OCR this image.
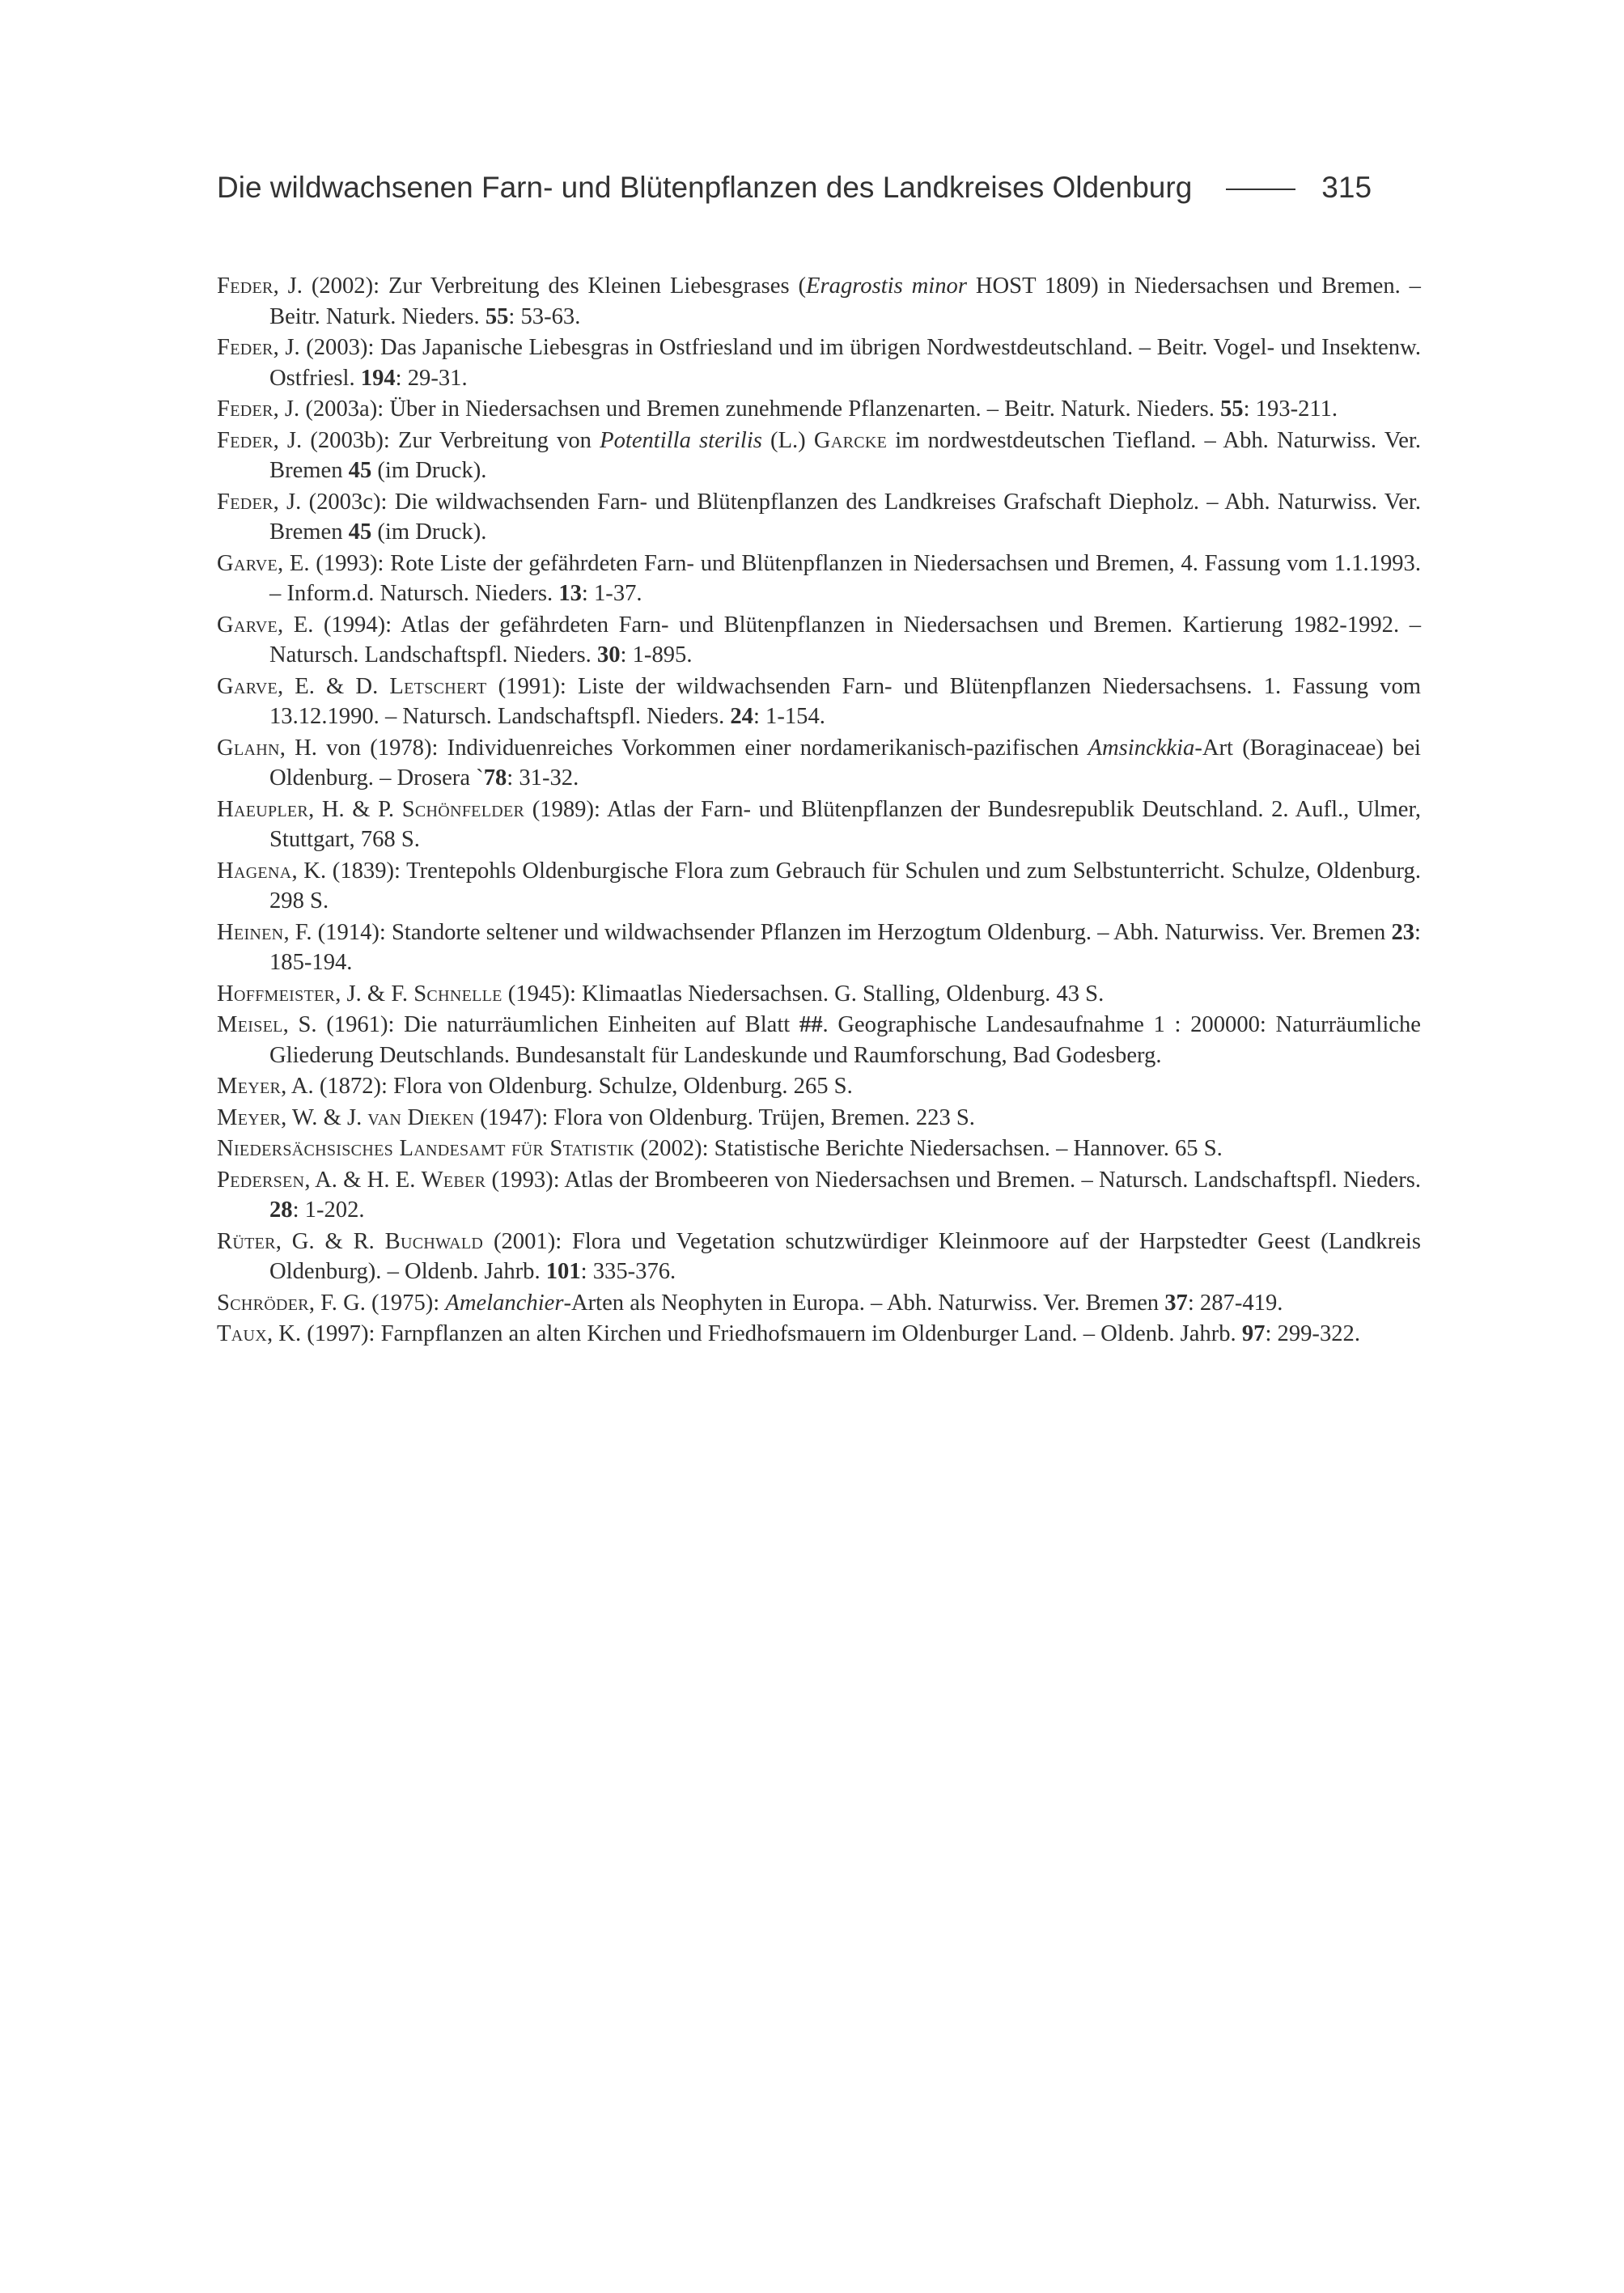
Die wildwachsenen Farn- und Blütenpflanzen des Landkreises Oldenburg	315

Feder, J. (2002): Zur Verbreitung des Kleinen Liebesgrases (Eragrostis minor HOST 1809) in Niedersachsen und Bremen. – Beitr. Naturk. Nieders. 55: 53-63.

Feder, J. (2003): Das Japanische Liebesgras in Ostfriesland und im übrigen Nordwestdeutschland. – Beitr. Vogel- und Insektenw. Ostfriesl. 194: 29-31.

Feder, J. (2003a): Über in Niedersachsen und Bremen zunehmende Pflanzenarten. – Beitr. Naturk. Nieders. 55: 193-211.

Feder, J. (2003b): Zur Verbreitung von Potentilla sterilis (L.) Garcke im nordwestdeutschen Tiefland. – Abh. Naturwiss. Ver. Bremen 45 (im Druck).

Feder, J. (2003c): Die wildwachsenden Farn- und Blütenpflanzen des Landkreises Grafschaft Diepholz. – Abh. Naturwiss. Ver. Bremen 45 (im Druck).

Garve, E. (1993): Rote Liste der gefährdeten Farn- und Blütenpflanzen in Niedersachsen und Bremen, 4. Fassung vom 1.1.1993. – Inform.d. Natursch. Nieders. 13: 1-37.

Garve, E. (1994): Atlas der gefährdeten Farn- und Blütenpflanzen in Niedersachsen und Bremen. Kartierung 1982-1992. – Natursch. Landschaftspfl. Nieders. 30: 1-895.

Garve, E. & D. Letschert (1991): Liste der wildwachsenden Farn- und Blütenpflanzen Niedersachsens. 1. Fassung vom 13.12.1990. – Natursch. Landschaftspfl. Nieders. 24: 1-154.

Glahn, H. von (1978): Individuenreiches Vorkommen einer nordamerikanisch-pazifischen Amsinckkia-Art (Boraginaceae) bei Oldenburg. – Drosera `78: 31-32.

Haeupler, H. & P. Schönfelder (1989): Atlas der Farn- und Blütenpflanzen der Bundesrepublik Deutschland. 2. Aufl., Ulmer, Stuttgart, 768 S.

Hagena, K. (1839): Trentepohls Oldenburgische Flora zum Gebrauch für Schulen und zum Selbstunterricht. Schulze, Oldenburg. 298 S.

Heinen, F. (1914): Standorte seltener und wildwachsender Pflanzen im Herzogtum Oldenburg. – Abh. Naturwiss. Ver. Bremen 23: 185-194.

Hoffmeister, J. & F. Schnelle (1945): Klimaatlas Niedersachsen. G. Stalling, Oldenburg. 43 S.

Meisel, S. (1961): Die naturräumlichen Einheiten auf Blatt ##. Geographische Landesaufnahme 1 : 200000: Naturräumliche Gliederung Deutschlands. Bundesanstalt für Landeskunde und Raumforschung, Bad Godesberg.

Meyer, A. (1872): Flora von Oldenburg. Schulze, Oldenburg. 265 S.

Meyer, W. & J. van Dieken (1947): Flora von Oldenburg. Trüjen, Bremen. 223 S.

Niedersächsisches Landesamt für Statistik (2002): Statistische Berichte Niedersachsen. – Hannover. 65 S.

Pedersen, A. & H. E. Weber (1993): Atlas der Brombeeren von Niedersachsen und Bremen. – Natursch. Landschaftspfl. Nieders. 28: 1-202.

Rüter, G. & R. Buchwald (2001): Flora und Vegetation schutzwürdiger Kleinmoore auf der Harpstedter Geest (Landkreis Oldenburg). – Oldenb. Jahrb. 101: 335-376.

Schröder, F. G. (1975): Amelanchier-Arten als Neophyten in Europa. – Abh. Naturwiss. Ver. Bremen 37: 287-419.

Taux, K. (1997): Farnpflanzen an alten Kirchen und Friedhofsmauern im Oldenburger Land. – Oldenb. Jahrb. 97: 299-322.
